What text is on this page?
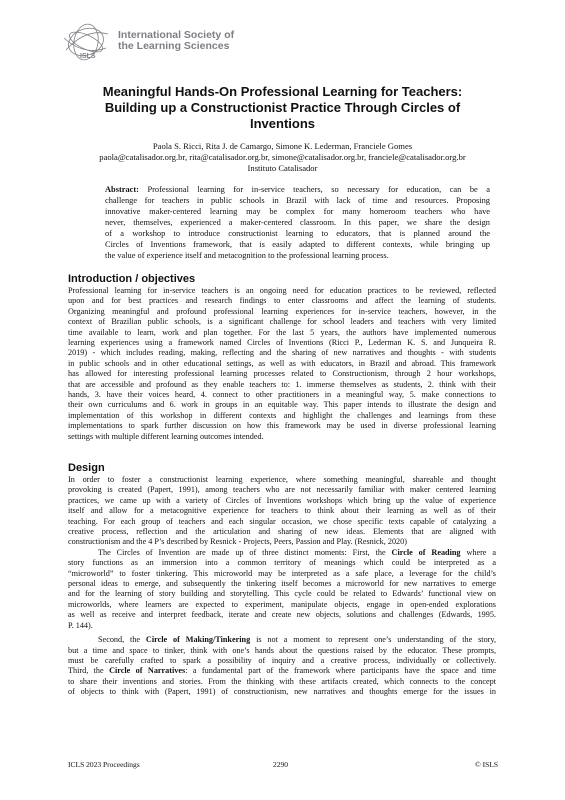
ISLS
International Society of
the Learning Sciences
Meaningful Hands-On Professional Learning for Teachers:
Building up a Constructionist Practice Through Circles of
Inventions
Paola S. Ricci, Rita J. de Camargo, Simone K. Lederman, Franciele Gomes
paola@catalisador.org.br, rita@catalisador.org.br, simone@catalisador.org.br, franciele@catalisador.org.br
Instituto Catalisador
Abstract: Professional learning for in-service teachers, so necessary for education, can be a
challenge for teachers in public schools in Brazil with lack of time and resources. Proposing
innovative maker-centered learning may be complex for many homeroom teachers who have
never, themselves, experienced a maker-centered classroom. In this paper, we share the design
of a workshop to introduce constructionist learning to educators, that is planned around the
Circles of Inventions framework, that is easily adapted to different contexts, while bringing up
the value of experience itself and metacognition to the professional learning process.
Introduction / objectives
Professional learning for in-service teachers is an ongoing need for education practices to be reviewed, reflected
upon and for best practices and research findings to enter classrooms and affect the learning of students.
Organizing meaningful and profound professional learning experiences for in-service teachers, however, in the
context of Brazilian public schools, is a significant challenge for school leaders and teachers with very limited
time available to learn, work and plan together. For the last 5 years, the authors have implemented numerous
learning experiences using a framework named Circles of Inventions (Ricci P., Lederman K. S. and Junqueira R.
2019) - which includes reading, making, reflecting and the sharing of new narratives and thoughts - with students
in public schools and in other educational settings, as well as with educators, in Brazil and abroad. This framework
has allowed for interesting professional learning processes related to Constructionism, through 2 hour workshops,
that are accessible and profound as they enable teachers to: 1. immerse themselves as students, 2. think with their
hands, 3. have their voices heard, 4. connect to other practitioners in a meaningful way, 5. make connections to
their own curriculums and 6. work in groups in an equitable way. This paper intends to illustrate the design and
implementation of this workshop in different contexts and highlight the challenges and learnings from these
implementations to spark further discussion on how this framework may be used in diverse professional learning
settings with multiple different learning outcomes intended.
Design
In order to foster a constructionist learning experience, where something meaningful, shareable and thought
provoking is created (Papert, 1991), among teachers who are not necessarily familiar with maker centered learning
practices, we came up with a variety of Circles of Inventions workshops which bring up the value of experience
itself and allow for a metacognitive experience for teachers to think about their learning as well as of their
teaching. For each group of teachers and each singular occasion, we chose specific texts capable of catalyzing a
creative process, reflection and the articulation and sharing of new ideas. Elements that are aligned with
constructionism and the 4 P’s described by Resnick - Projects, Peers, Passion and Play. (Resnick, 2020)
The Circles of Invention are made up of three distinct moments: First, the Circle of Reading where a
story functions as an immersion into a common territory of meanings which could be interpreted as a
“microworld” to foster tinkering. This microworld may be interpreted as a safe place, a leverage for the child’s
personal ideas to emerge, and subsequently the tinkering itself becomes a microworld for new narratives to emerge
and for the learning of story building and storytelling. This cycle could be related to Edwards’ functional view on
microworlds, where learners are expected to experiment, manipulate objects, engage in open-ended explorations
as well as receive and interpret feedback, iterate and create new objects, solutions and challenges (Edwards, 1995.
P. 144).
Second, the Circle of Making/Tinkering is not a moment to represent one’s understanding of the story,
but a time and space to tinker, think with one’s hands about the questions raised by the educator. These prompts,
must be carefully crafted to spark a possibility of inquiry and a creative process, individually or collectively.
Third, the Circle of Narratives: a fundamental part of the framework where participants have the space and time
to share their inventions and stories. From the thinking with these artifacts created, which connects to the concept
of objects to think with (Papert, 1991) of constructionism, new narratives and thoughts emerge for the issues in
ICLS 2023 Proceedings	2290	© ISLS
